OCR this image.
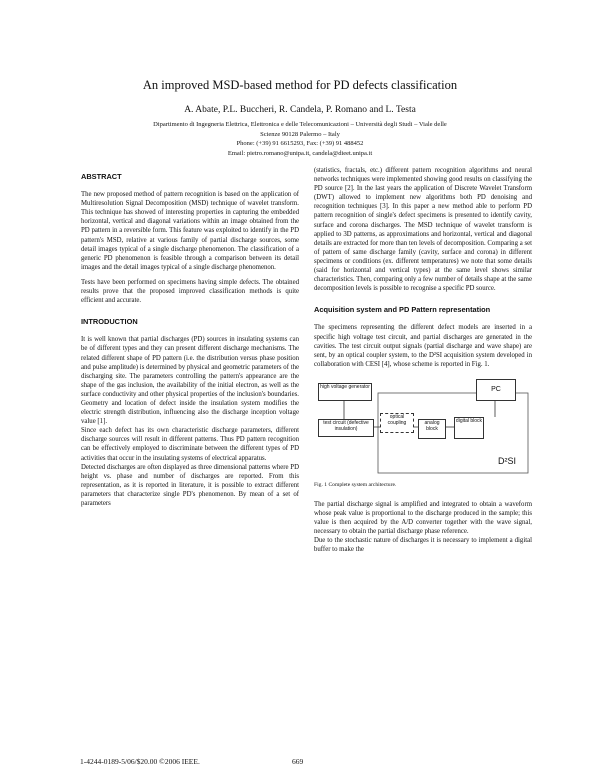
An improved MSD-based method for PD defects classification
A. Abate, P.L. Buccheri, R. Candela, P. Romano and L. Testa
Dipartimento di Ingegneria Elettrica, Elettronica e delle Telecomunicazioni – Università degli Studi – Viale delle
Scienze 90128 Palermo – Italy
Phone: (+39) 91 6615293, Fax: (+39) 91 488452
Email: pietro.romano@unipa.it, candela@dieet.unipa.it
ABSTRACT

The new proposed method of pattern recognition is based on the application of Multiresolution Signal Decomposition (MSD) technique of wavelet transform. This technique has showed of interesting properties in capturing the embedded horizontal, vertical and diagonal variations within an image obtained from the PD pattern in a reversible form. This feature was exploited to identify in the PD pattern's MSD, relative at various family of partial discharge sources, some detail images typical of a single discharge phenomenon. The classification of a generic PD phenomenon is feasible through a comparison between its detail images and the detail images typical of a single discharge phenomenon.

Tests have been performed on specimens having simple defects. The obtained results prove that the proposed improved classification methods is quite efficient and accurate.

INTRODUCTION

It is well known that partial discharges (PD) sources in insulating systems can be of different types and they can present different discharge mechanisms. The related different shape of PD pattern (i.e. the distribution versus phase position and pulse amplitude) is determined by physical and geometric parameters of the discharging site. The parameters controlling the pattern's appearance are the shape of the gas inclusion, the availability of the initial electron, as well as the surface conductivity and other physical properties of the inclusion's boundaries. Geometry and location of defect inside the insulation system modifies the electric strength distribution, influencing also the discharge inception voltage value [1].

Since each defect has its own characteristic discharge parameters, different discharge sources will result in different patterns. Thus PD pattern recognition can be effectively employed to discriminate between the different types of PD activities that occur in the insulating systems of electrical apparatus.

Detected discharges are often displayed as three dimensional patterns where PD height vs. phase and number of discharges are reported. From this representation, as it is reported in literature, it is possible to extract different parameters that characterize single PD's phenomenon. By mean of a set of parameters

(statistics, fractals, etc.) different pattern recognition algorithms and neural networks techniques were implemented showing good results on classifying the PD source [2]. In the last years the application of Discrete Wavelet Transform (DWT) allowed to implement new algorithms both PD denoising and recognition techniques [3]. In this paper a new method able to perform PD pattern recognition of single's defect specimens is presented to identify cavity, surface and corona discharges. The MSD technique of wavelet transform is applied to 3D patterns, as approximations and horizontal, vertical and diagonal details are extracted for more than ten levels of decomposition. Comparing a set of pattern of same discharge family (cavity, surface and corona) in different specimens or conditions (ex. different temperatures) we note that some details (said for horizontal and vertical types) at the same level shows similar characteristics. Then, comparing only a few number of details shape at the same decomposition levels is possible to recognise a specific PD source.

Acquisition system and PD Pattern representation

The specimens representing the different defect models are inserted in a specific high voltage test circuit, and partial discharges are generated in the cavities. The test circuit output signals (partial discharge and wave shape) are sent, by an optical coupler system, to the D²SI acquisition system developed in collaboration with CESI [4], whose scheme is reported in Fig. 1.

high voltage generator
test circuit (defective insulation)
optical coupling	analog block
digital block
PC
D²SI
Fig. 1 Complete system architecture.

The partial discharge signal is amplified and integrated to obtain a waveform whose peak value is proportional to the discharge produced in the sample; this value is then acquired by the A/D converter together with the wave signal, necessary to obtain the partial discharge phase reference.

Due to the stochastic nature of discharges it is necessary to implement a digital buffer to make the

1-4244-0189-5/06/$20.00 ©2006 IEEE.	669
